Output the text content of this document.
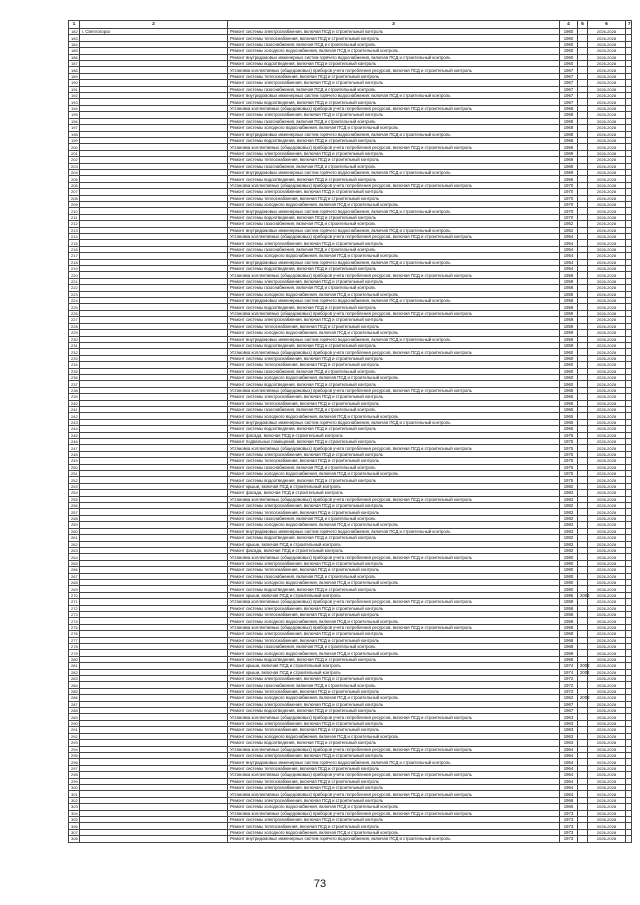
1	2	3	4	5	6	7
182	г. Светлогорск	Ремонт системы электроснабжения, включая ПСД и строительный контроль	1960		2026-2028	
183		Ремонт системы теплоснабжения, включая ПСД и строительный контроль	1960		2026-2028	
184		Ремонт системы газоснабжения, включая ПСД и строительный контроль	1960		2026-2028	
185		Ремонт системы холодного водоснабжения, включая ПСД и строительный контроль	1960		2026-2028	
186		Ремонт внутридомовых инженерных систем горячего водоснабжения, включая ПСД и строительный контроль	1960		2026-2028	
187		Ремонт системы водоотведения, включая ПСД и строительный контроль	1960		2026-2028	
188		Установка коллективных (общедомовых) приборов учета потребления ресурсов, включая ПСД и строительный контроль	1967		2026-2028	
189		Ремонт системы теплоснабжения, включая ПСД и строительный контроль	1967		2026-2028	
190		Ремонт системы электроснабжения, включая ПСД и строительный контроль	1967		2026-2028	
191		Ремонт системы газоснабжения, включая ПСД и строительный контроль	1967		2026-2028	
192		Ремонт внутридомовых инженерных систем горячего водоснабжения, включая ПСД и строительный контроль	1967		2026-2028	
193		Ремонт системы водоотведения, включая ПСД и строительный контроль	1967		2026-2028	
194		Установка коллективных (общедомовых) приборов учета потребления ресурсов, включая ПСД и строительный контроль	1968		2026-2028	
195		Ремонт системы электроснабжения, включая ПСД и строительный контроль	1968		2026-2028	
196		Ремонт системы газоснабжения, включая ПСД и строительный контроль	1968		2026-2028	
197		Ремонт системы холодного водоснабжения, включая ПСД и строительный контроль	1968		2026-2028	
198		Ремонт внутридомовых инженерных систем горячего водоснабжения, включая ПСД и строительный контроль	1968		2026-2028	
199		Ремонт системы водоотведения, включая ПСД и строительный контроль	1968		2026-2028	
200		Установка коллективных (общедомовых) приборов учета потребления ресурсов, включая ПСД и строительный контроль	1969		2026-2028	
201		Ремонт системы электроснабжения, включая ПСД и строительный контроль	1969		2026-2028	
202		Ремонт системы теплоснабжения, включая ПСД и строительный контроль	1969		2026-2028	
203		Ремонт системы газоснабжения, включая ПСД и строительный контроль	1969		2026-2028	
204		Ремонт внутридомовых инженерных систем горячего водоснабжения, включая ПСД и строительный контроль	1969		2026-2028	
205		Ремонт системы водоотведения, включая ПСД и строительный контроль	1969		2026-2028	
206		Установка коллективных (общедомовых) приборов учета потребления ресурсов, включая ПСД и строительный контроль	1970		2026-2028	
207		Ремонт системы электроснабжения, включая ПСД и строительный контроль	1970		2026-2028	
208		Ремонт системы теплоснабжения, включая ПСД и строительный контроль	1970		2026-2028	
209		Ремонт системы холодного водоснабжения, включая ПСД и строительный контроль	1970		2026-2028	
210		Ремонт внутридомовых инженерных систем горячего водоснабжения, включая ПСД и строительный контроль	1970		2026-2028	
211		Ремонт системы водоотведения, включая ПСД и строительный контроль	1970		2026-2028	
212		Ремонт системы газоснабжения, включая ПСД и строительный контроль	1952		2026-2028	
213		Ремонт внутридомовых инженерных систем горячего водоснабжения, включая ПСД и строительный контроль	1952		2026-2028	
214		Установка коллективных (общедомовых) приборов учета потребления ресурсов, включая ПСД и строительный контроль	1954		2026-2028	
215		Ремонт системы электроснабжения, включая ПСД и строительный контроль	1954		2026-2028	
216		Ремонт системы газоснабжения, включая ПСД и строительный контроль	1954		2026-2028	
217		Ремонт системы холодного водоснабжения, включая ПСД и строительный контроль	1954		2026-2028	
218		Ремонт внутридомовых инженерных систем горячего водоснабжения, включая ПСД и строительный контроль	1954		2026-2028	
219		Ремонт системы водоотведения, включая ПСД и строительный контроль	1954		2026-2028	
220		Установка коллективных (общедомовых) приборов учета потребления ресурсов, включая ПСД и строительный контроль	1958		2026-2028	
221		Ремонт системы электроснабжения, включая ПСД и строительный контроль	1958		2026-2028	
222		Ремонт системы газоснабжения, включая ПСД и строительный контроль	1958		2026-2028	
223		Ремонт системы холодного водоснабжения, включая ПСД и строительный контроль	1958		2026-2028	
224		Ремонт внутридомовых инженерных систем горячего водоснабжения, включая ПСД и строительный контроль	1958		2026-2028	
225		Ремонт системы водоотведения, включая ПСД и строительный контроль	1958		2026-2028	
226		Установка коллективных (общедомовых) приборов учета потребления ресурсов, включая ПСД и строительный контроль	1959		2026-2028	
227		Ремонт системы электроснабжения, включая ПСД и строительный контроль	1959		2026-2028	
228		Ремонт системы теплоснабжения, включая ПСД и строительный контроль	1959		2026-2028	
229		Ремонт системы холодного водоснабжения, включая ПСД и строительный контроль	1959		2026-2028	
230		Ремонт внутридомовых инженерных систем горячего водоснабжения, включая ПСД и строительный контроль	1959		2026-2028	
231		Ремонт системы водоотведения, включая ПСД и строительный контроль	1959		2026-2028	
232		Установка коллективных (общедомовых) приборов учета потребления ресурсов, включая ПСД и строительный контроль	1960		2026-2028	
233		Ремонт системы электроснабжения, включая ПСД и строительный контроль	1960		2026-2028	
234		Ремонт системы теплоснабжения, включая ПСД и строительный контроль	1960		2026-2028	
235		Ремонт системы газоснабжения, включая ПСД и строительный контроль	1960		2026-2028	
236		Ремонт системы холодного водоснабжения, включая ПСД и строительный контроль	1960		2026-2028	
237		Ремонт системы водоотведения, включая ПСД и строительный контроль	1960		2026-2028	
238		Установка коллективных (общедомовых) приборов учета потребления ресурсов, включая ПСД и строительный контроль	1965		2026-2028	
239		Ремонт системы электроснабжения, включая ПСД и строительный контроль	1965		2026-2028	
240		Ремонт системы теплоснабжения, включая ПСД и строительный контроль	1965		2026-2028	
241		Ремонт системы газоснабжения, включая ПСД и строительный контроль	1965		2026-2028	
242		Ремонт системы холодного водоснабжения, включая ПСД и строительный контроль	1965		2026-2028	
243		Ремонт внутридомовых инженерных систем горячего водоснабжения, включая ПСД и строительный контроль	1965		2026-2028	
244		Ремонт системы водоотведения, включая ПСД и строительный контроль	1965		2026-2028	
245		Ремонт фасада, включая ПСД и строительный контроль	1975		2026-2028	
246		Ремонт подвальных помещений, включая ПСД и строительный контроль	1975		2026-2028	
247		Установка коллективных (общедомовых) приборов учета потребления ресурсов, включая ПСД и строительный контроль	1975		2026-2028	
248		Ремонт системы электроснабжения, включая ПСД и строительный контроль	1975		2026-2028	
249		Ремонт системы теплоснабжения, включая ПСД и строительный контроль	1975		2026-2028	
250		Ремонт системы газоснабжения, включая ПСД и строительный контроль	1975		2026-2028	
251		Ремонт системы холодного водоснабжения, включая ПСД и строительный контроль	1975		2026-2028	
252		Ремонт системы водоотведения, включая ПСД и строительный контроль	1975		2026-2028	
253		Ремонт крыши, включая ПСД и строительный контроль	1982		2026-2028	
254		Ремонт фасада, включая ПСД и строительный контроль	1982		2026-2028	
255		Установка коллективных (общедомовых) приборов учета потребления ресурсов, включая ПСД и строительный контроль	1982		2026-2028	
256		Ремонт системы электроснабжения, включая ПСД и строительный контроль	1982		2026-2028	
257		Ремонт системы теплоснабжения, включая ПСД и строительный контроль	1982		2026-2028	
258		Ремонт системы газоснабжения, включая ПСД и строительный контроль	1982		2026-2028	
259		Ремонт системы холодного водоснабжения, включая ПСД и строительный контроль	1982		2026-2028	
260		Ремонт внутридомовых инженерных систем горячего водоснабжения, включая ПСД и строительный контроль	1982		2026-2028	
261		Ремонт системы водоотведения, включая ПСД и строительный контроль	1982		2026-2028	
262		Ремонт крыши, включая ПСД и строительный контроль	1982		2026-2028	
263		Ремонт фасада, включая ПСД и строительный контроль	1982		2026-2028	
264		Установка коллективных (общедомовых) приборов учета потребления ресурсов, включая ПСД и строительный контроль	1980		2026-2028	
265		Ремонт системы электроснабжения, включая ПСД и строительный контроль	1980		2026-2028	
266		Ремонт системы теплоснабжения, включая ПСД и строительный контроль	1980		2026-2028	
267		Ремонт системы газоснабжения, включая ПСД и строительный контроль	1980		2026-2028	
268		Ремонт системы холодного водоснабжения, включая ПСД и строительный контроль	1980		2026-2028	
269		Ремонт системы водоотведения, включая ПСД и строительный контроль	1980		2026-2028	
270		Ремонт крыши, включая ПСД и строительный контроль	1986	2003	2026-2028	
271		Установка коллективных (общедомовых) приборов учета потребления ресурсов, включая ПСД и строительный контроль	1958		2026-2028	
272		Ремонт системы электроснабжения, включая ПСД и строительный контроль	1958		2026-2028	
273		Ремонт системы теплоснабжения, включая ПСД и строительный контроль	1958		2026-2028	
274		Ремонт системы холодного водоснабжения, включая ПСД и строительный контроль	1958		2026-2028	
275		Установка коллективных (общедомовых) приборов учета потребления ресурсов, включая ПСД и строительный контроль	1968		2026-2028	
276		Ремонт системы электроснабжения, включая ПСД и строительный контроль	1968		2026-2028	
277		Ремонт системы теплоснабжения, включая ПСД и строительный контроль	1968		2026-2028	
278		Ремонт системы газоснабжения, включая ПСД и строительный контроль	1968		2026-2028	
279		Ремонт системы холодного водоснабжения, включая ПСД и строительный контроль	1968		2026-2028	
280		Ремонт системы водоотведения, включая ПСД и строительный контроль	1968		2026-2028	
281		Ремонт крыши, включая ПСД и строительный контроль	1974	2002	2026-2028	
282		Ремонт крыши, включая ПСД и строительный контроль	1974	2002	2026-2028	
283		Ремонт системы электроснабжения, включая ПСД и строительный контроль	1972		2026-2028	
284		Ремонт системы газоснабжения, включая ПСД и строительный контроль	1972		2026-2028	
285		Ремонт системы теплоснабжения, включая ПСД и строительный контроль	1972		2026-2028	
286		Ремонт системы холодного водоснабжения, включая ПСД и строительный контроль	1962	2008	2026-2028	
287		Ремонт системы электроснабжения, включая ПСД и строительный контроль	1967		2026-2028	
288		Ремонт системы водоотведения, включая ПСД и строительный контроль	1967		2026-2028	
289		Установка коллективных (общедомовых) приборов учета потребления ресурсов, включая ПСД и строительный контроль	1963		2026-2028	
290		Ремонт системы электроснабжения, включая ПСД и строительный контроль	1963		2026-2028	
291		Ремонт системы теплоснабжения, включая ПСД и строительный контроль	1963		2026-2028	
292		Ремонт системы холодного водоснабжения, включая ПСД и строительный контроль	1963		2026-2028	
293		Ремонт системы водоотведения, включая ПСД и строительный контроль	1963		2026-2028	
294		Установка коллективных (общедомовых) приборов учета потребления ресурсов, включая ПСД и строительный контроль	1964		2026-2028	
295		Ремонт системы электроснабжения, включая ПСД и строительный контроль	1964		2026-2028	
296		Ремонт внутридомовых инженерных систем горячего водоснабжения, включая ПСД и строительный контроль	1964		2026-2028	
297		Ремонт системы теплоснабжения, включая ПСД и строительный контроль	1964		2026-2028	
298		Установка коллективных (общедомовых) приборов учета потребления ресурсов, включая ПСД и строительный контроль	1964		2026-2028	
299		Ремонт системы теплоснабжения, включая ПСД и строительный контроль	1964		2026-2028	
300		Ремонт системы электроснабжения, включая ПСД и строительный контроль	1964		2026-2028	
301		Установка коллективных (общедомовых) приборов учета потребления ресурсов, включая ПСД и строительный контроль	1964		2026-2028	
302		Ремонт системы электроснабжения, включая ПСД и строительный контроль	1966		2026-2028	
303		Ремонт системы холодного водоснабжения, включая ПСД и строительный контроль	1966		2026-2028	
304		Установка коллективных (общедомовых) приборов учета потребления ресурсов, включая ПСД и строительный контроль	1973		2026-2028	
305		Ремонт системы электроснабжения, включая ПСД и строительный контроль	1973		2026-2028	
306		Ремонт системы теплоснабжения, включая ПСД и строительный контроль	1973		2026-2028	
307		Ремонт системы холодного водоснабжения, включая ПСД и строительный контроль	1973		2026-2028	
308		Ремонт внутридомовых инженерных систем горячего водоснабжения, включая ПСД и строительный контроль	1973		2026-2028	
73
